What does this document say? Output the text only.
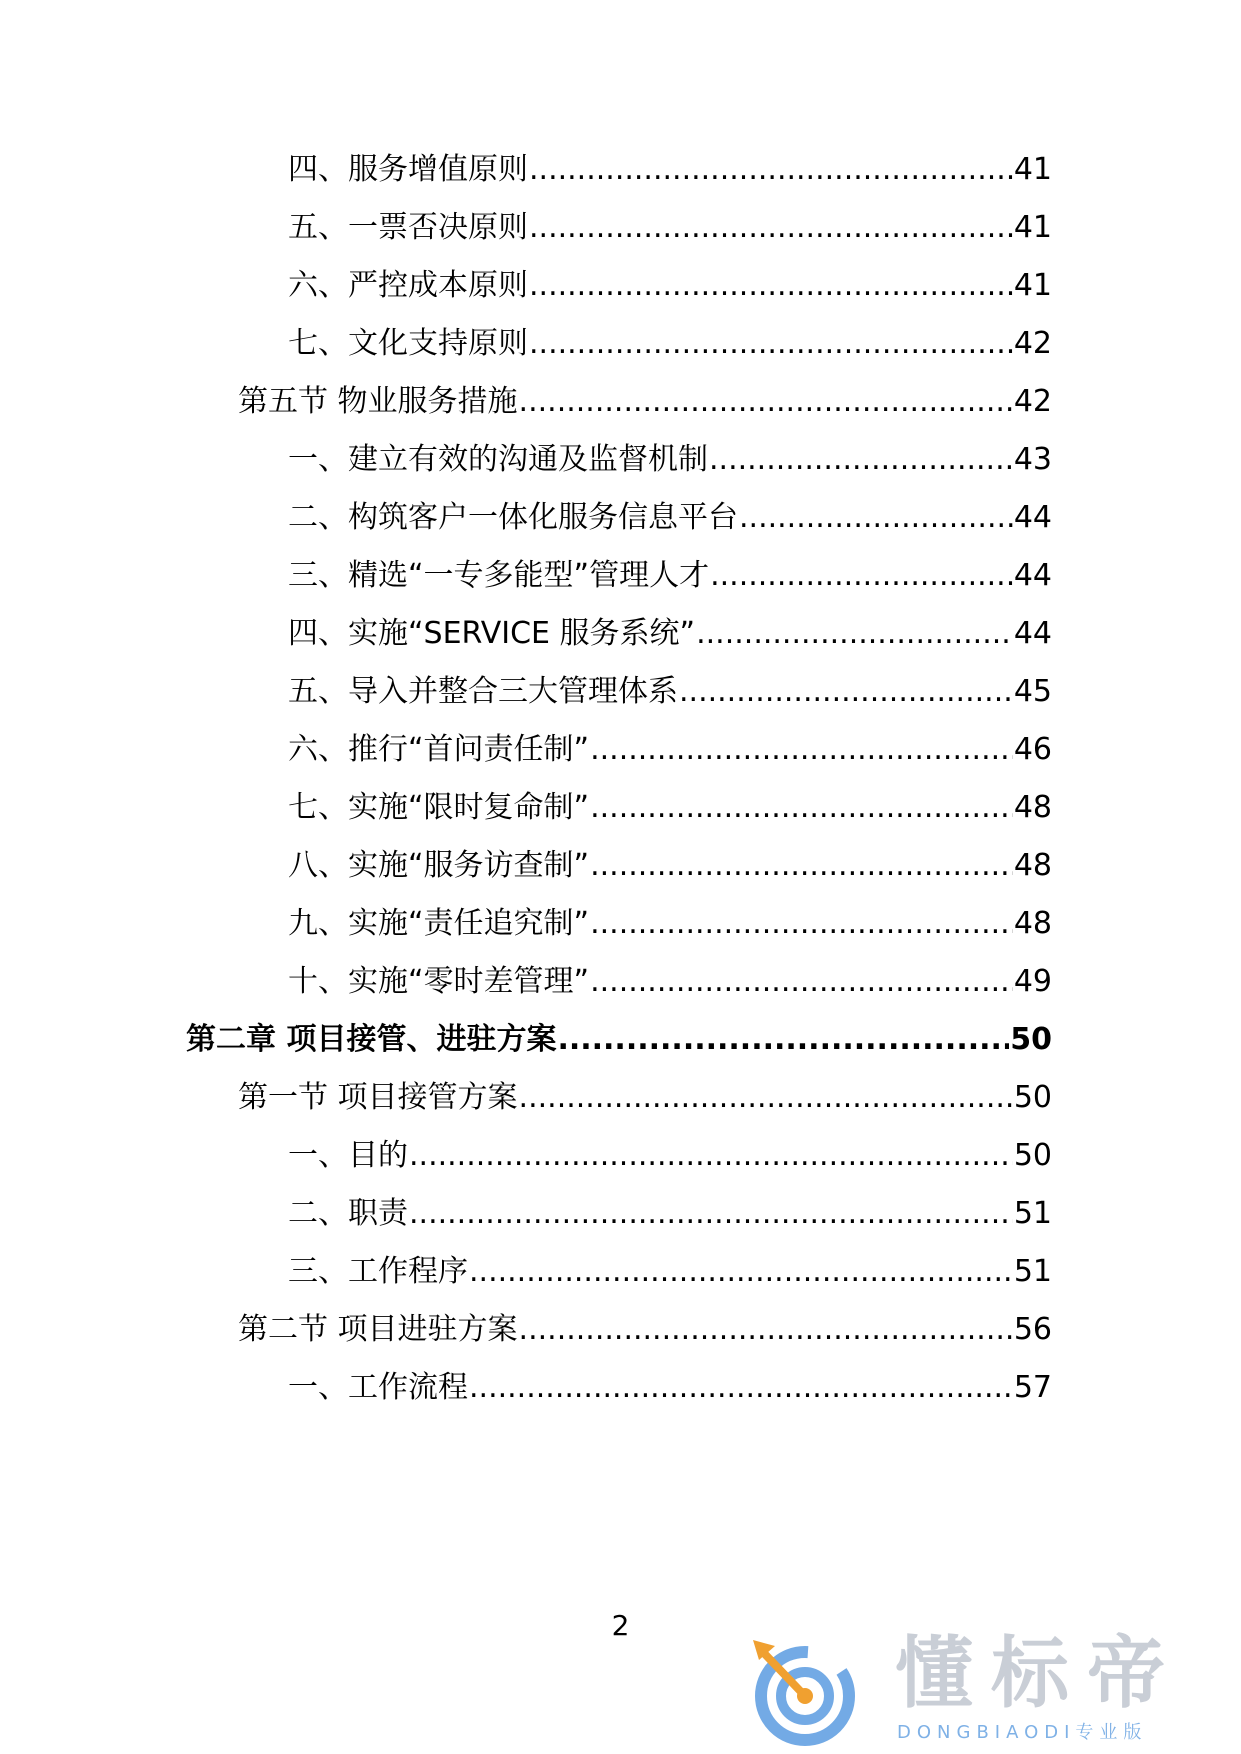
四、服务增值原则 .....	41
五、一票否决原则 .....	41
六、严控成本原则 .....	41
七、文化支持原则 .....	42
第五节 物业服务措施 .....	42
一、建立有效的沟通及监督机制 .....	43
二、构筑客户一体化服务信息平台 .....	44
三、精选“一专多能型”管理人才 .....	44
四、实施“SERVICE 服务系统” .....	44
五、导入并整合三大管理体系 .....	45
六、推行“首问责任制” .....	46
七、实施“限时复命制” .....	48
八、实施“服务访查制” .....	48
九、实施“责任追究制” .....	48
十、实施“零时差管理” .....	49
第二章 项目接管、进驻方案 .....	50
第一节 项目接管方案 .....	50
一、目的 .....	50
二、职责 .....	51
三、工作程序 .....	51
第二节 项目进驻方案 .....	56
一、工作流程 .....	57
2
懂标帝
DONGBIAODI专业版
